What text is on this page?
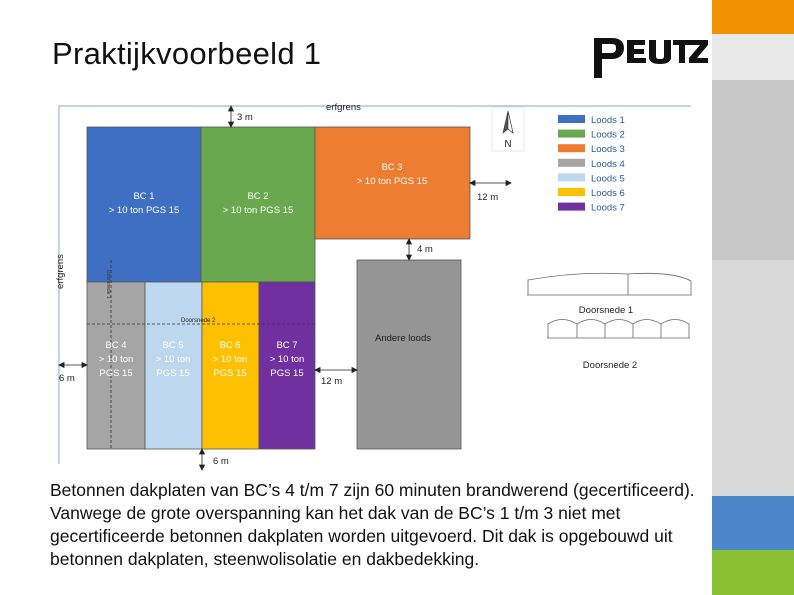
Praktijkvoorbeeld 1
Doorsnede 1
Doorsnede 2
BC 1
> 10 ton PGS 15
BC 2
> 10 ton PGS 15
BC 3
> 10 ton PGS 15
BC 4
> 10 ton
PGS 15
BC 5
> 10 ton
PGS 15
BC 6
> 10 ton
PGS 15
BC 7
> 10 ton
PGS 15
Andere loods
erfgrens
erfgrens
3 m
12 m
4 m
6 m	12 m
6 m
N
Loods 1
Loods 2
Loods 3
Loods 4
Loods 5
Loods 6
Loods 7
Doorsnede 1
Doorsnede 2
Betonnen dakplaten van BC’s 4 t/m 7 zijn 60 minuten brandwerend (gecertificeerd). Vanwege de grote overspanning kan het dak van de BC’s 1 t/m 3 niet met gecertificeerde betonnen dakplaten worden uitgevoerd. Dit dak is opgebouwd uit betonnen dakplaten, steenwolisolatie en dakbedekking.
